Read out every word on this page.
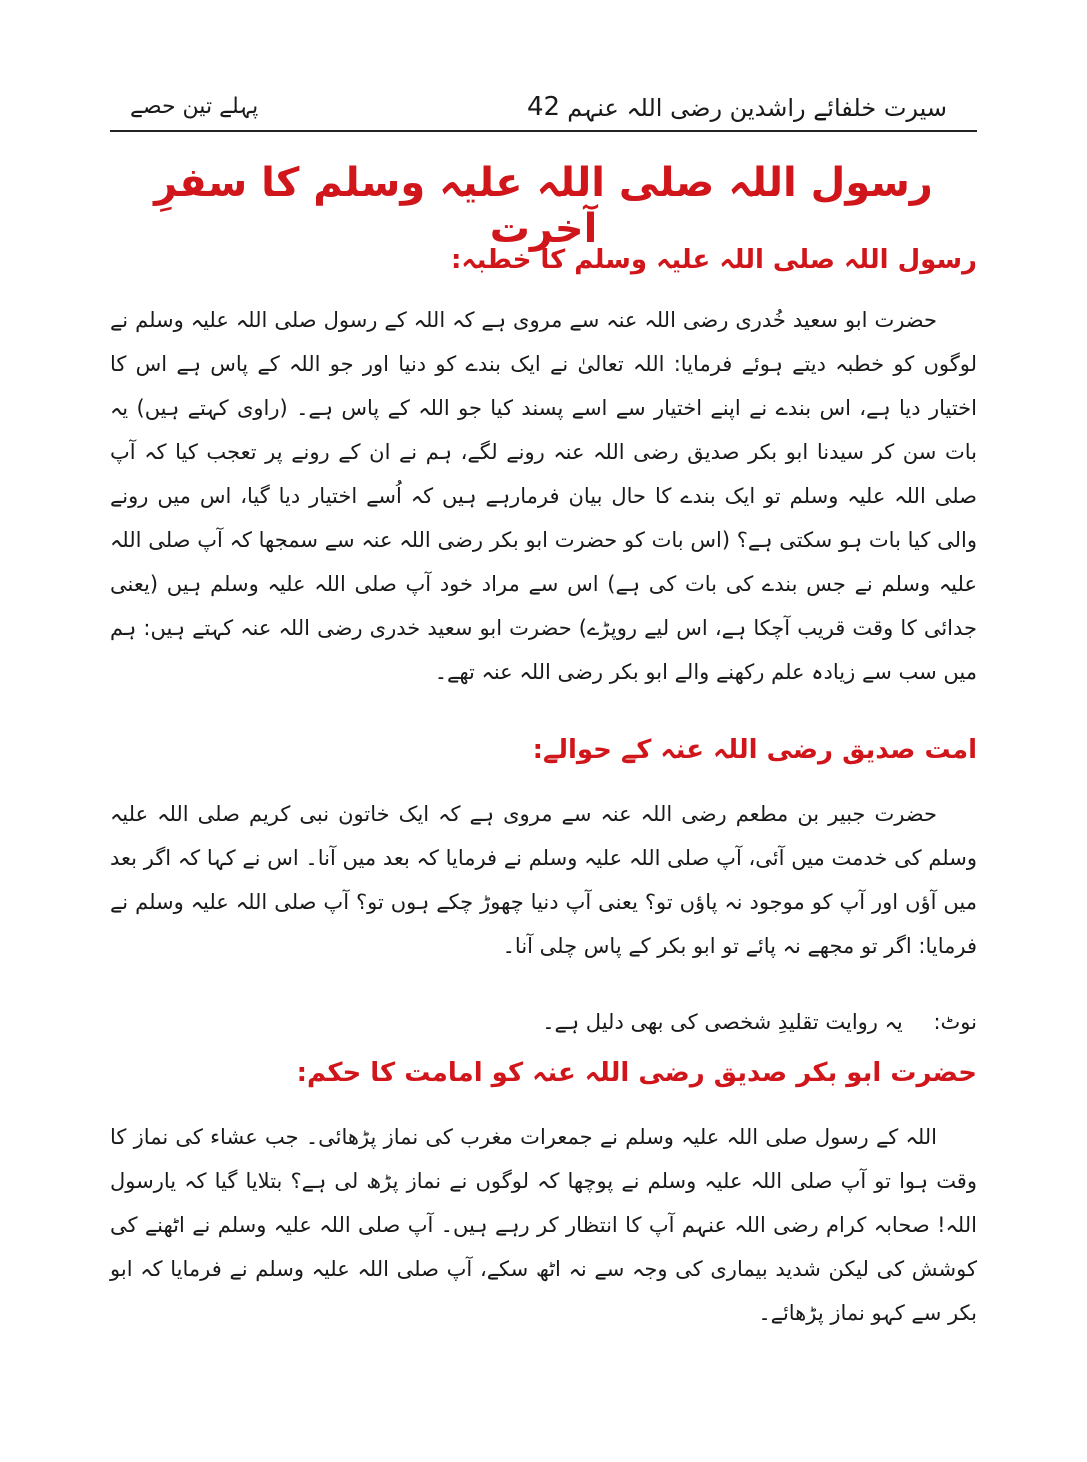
سیرت خلفائے راشدین رضی اللہ عنہم
42
پہلے تین حصے
رسول اللہ صلی اللہ علیہ وسلم کا سفرِ آخرت
رسول اللہ صلی اللہ علیہ وسلم کا خطبہ:

حضرت ابو سعید خُدری رضی اللہ عنہ سے مروی ہے کہ اللہ کے رسول صلی اللہ علیہ وسلم نے لوگوں کو خطبہ دیتے ہوئے فرمایا: اللہ تعالیٰ نے ایک بندے کو دنیا اور جو اللہ کے پاس ہے اس کا اختیار دیا ہے، اس بندے نے اپنے اختیار سے اسے پسند کیا جو اللہ کے پاس ہے۔ (راوی کہتے ہیں) یہ بات سن کر سیدنا ابو بکر صدیق رضی اللہ عنہ رونے لگے، ہم نے ان کے رونے پر تعجب کیا کہ آپ صلی اللہ علیہ وسلم تو ایک بندے کا حال بیان فرمارہے ہیں کہ اُسے اختیار دیا گیا، اس میں رونے والی کیا بات ہو سکتی ہے؟ (اس بات کو حضرت ابو بکر رضی اللہ عنہ سے سمجھا کہ آپ صلی اللہ علیہ وسلم نے جس بندے کی بات کی ہے) اس سے مراد خود آپ صلی اللہ علیہ وسلم ہیں (یعنی جدائی کا وقت قریب آچکا ہے، اس لیے روپڑے) حضرت ابو سعید خدری رضی اللہ عنہ کہتے ہیں: ہم میں سب سے زیادہ علم رکھنے والے ابو بکر رضی اللہ عنہ تھے۔

امت صدیق رضی اللہ عنہ کے حوالے:

حضرت جبیر بن مطعم رضی اللہ عنہ سے مروی ہے کہ ایک خاتون نبی کریم صلی اللہ علیہ وسلم کی خدمت میں آئی، آپ صلی اللہ علیہ وسلم نے فرمایا کہ بعد میں آنا۔ اس نے کہا کہ اگر بعد میں آؤں اور آپ کو موجود نہ پاؤں تو؟ یعنی آپ دنیا چھوڑ چکے ہوں تو؟ آپ صلی اللہ علیہ وسلم نے فرمایا: اگر تو مجھے نہ پائے تو ابو بکر کے پاس چلی آنا۔

نوٹ: یہ روایت تقلیدِ شخصی کی بھی دلیل ہے۔

حضرت ابو بکر صدیق رضی اللہ عنہ کو امامت کا حکم:

اللہ کے رسول صلی اللہ علیہ وسلم نے جمعرات مغرب کی نماز پڑھائی۔ جب عشاء کی نماز کا وقت ہوا تو آپ صلی اللہ علیہ وسلم نے پوچھا کہ لوگوں نے نماز پڑھ لی ہے؟ بتلایا گیا کہ یارسول اللہ! صحابہ کرام رضی اللہ عنہم آپ کا انتظار کر رہے ہیں۔ آپ صلی اللہ علیہ وسلم نے اٹھنے کی کوشش کی لیکن شدید بیماری کی وجہ سے نہ اٹھ سکے، آپ صلی اللہ علیہ وسلم نے فرمایا کہ ابو بکر سے کہو نماز پڑھائے۔
